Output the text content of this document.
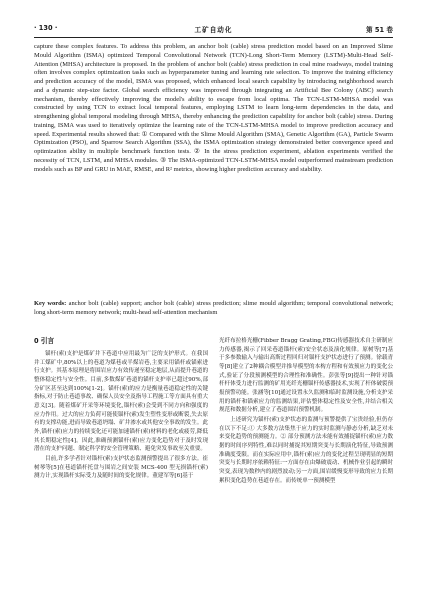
· 130 ·	工矿自动化	第 51 卷

capture these complex features. To address this problem, an anchor bolt (cable) stress prediction model based on an Improved Slime Mould Algorithm (ISMA) optimized Temporal Convolutional Network (TCN)-Long Short-Term Memory (LSTM)-Multi-Head Self-Attention (MHSA) architecture is proposed. In the problem of anchor bolt (cable) stress prediction in coal mine roadways, model training often involves complex optimization tasks such as hyperparameter tuning and learning rate selection. To improve the training efficiency and prediction accuracy of the model, ISMA was proposed, which enhanced local search capability by introducing neighborhood search and a dynamic step-size factor. Global search efficiency was improved through integrating an Artificial Bee Colony (ABC) search mechanism, thereby effectively improving the model's ability to escape from local optima. The TCN-LSTM-MHSA model was constructed by using TCN to extract local temporal features, employing LSTM to learn long-term dependencies in the data, and strengthening global temporal modeling through MHSA, thereby enhancing the prediction capability for anchor bolt (cable) stress. During training, ISMA was used to iteratively optimize the learning rate of the TCN-LSTM-MHSA model to improve prediction accuracy and speed. Experimental results showed that: ① Compared with the Slime Mould Algorithm (SMA), Genetic Algorithm (GA), Particle Swarm Optimization (PSO), and Sparrow Search Algorithm (SSA), the ISMA optimization strategy demonstrated better convergence speed and optimization ability in multiple benchmark function tests. ② In the stress prediction experiment, ablation experiments verified the necessity of TCN, LSTM, and MHSA modules. ③ The ISMA-optimized TCN-LSTM-MHSA model outperformed mainstream prediction models such as BP and GRU in MAE, RMSE, and R² metrics, showing higher prediction accuracy and stability.

Key words: anchor bolt (cable) support; anchor bolt (cable) stress prediction; slime mould algorithm; temporal convolutional network; long short-term memory network; multi-head self-attention mechanism

0 引言

锚杆(索)支护是煤矿井下巷道中应用最为广泛的支护形式。在我国井工煤矿中,80%以上的巷道为煤巷或半煤岩巷,主要采用锚杆或锚索进行支护。其基本原理是将围岩应力有效传递至稳定地层,从而提升巷道的整体稳定性与安全性。目前,多数煤矿巷道的锚杆支护率已超过90%,部分矿区甚至达到100%[1-2]。锚杆(索)的应力是衡量巷道稳定性的关键指标,对于防止巷道事故、确保人员安全及指导工程施工等方面具有重大意义[3]。随着煤矿开采等环境变化,锚杆(索)会受到不同方向和强度的应力作用。过大的应力负荷可能使锚杆(索)发生塑性变形或断裂,失去原有的支撑功能,进而导致巷道坍塌、矿井渗水或其他安全事故的发生。此外,锚杆(索)应力的持续变化还可能加速锚杆(索)材料的老化或疲劳,降低其长期稳定性[4]。因此,准确预测锚杆(索)应力变化趋势对于及时发现潜在的支护问题、制定科学的安全管理策略、避免突发事故至关重要。

目前,许多学者针对锚杆(索)支护状态监测预警提出了很多方法。崔树琴等[5]在巷道锚杆托盘与围岩之间安装 MCS-400 型无损锚杆(索)测力计,实现锚杆实际受力及随时间的变化规律。董建军等[6]基于

光纤布拉格光栅(Fibber Bragg Grating,FBG)传感器技术自主研制应力传感器,揭示了回采巷道锚杆(索)安全状态及演化规律。原树等[7]基于多参数输入与输出高斯过程回归对锚杆支护状态进行了预测。徐载青等[8]建立了2种耦合模型并推导模型的本构方程和有效预应力的变化公式,验证了分段预测模型的合理性和准确性。彭张等[9]提出一种针对锚杆杆体受力进行监测的矿用光纤光栅锚杆传感器技术,实现了杆体破裂预报预警功能。张涵等[10]通过设置永久监测和临时监测设施,分析支护采用的锚杆和锚索应力的监测结果,评估整体稳定性及安全性,并结合相关规范和数据分析,建立了巷道围岩预警机制。

上述研究为锚杆(索)支护状态的监测与预警提供了宝贵经验,但仍存在以下不足:① 大多数方法集焦于应力的实时监测与静态分析,缺乏对未来变化趋势的预测能力。② 部分预测方法未能有效捕捉锚杆(索)应力数据的时间序列特性,难以同时捕捉其短期突变与长期演化特征,导致预测准确度受限。而在实际应用中,锚杆(索)应力的变化过程呈现明显的短期突变与长期时序依赖特征:一方面存在由爆破震动、机械作业引起的瞬时突变,表现为数秒内的剧烈波动;另一方面,围岩缓慢变形导致的应力长期累积变化趋势在巷道存在。而传统单一预测模型
